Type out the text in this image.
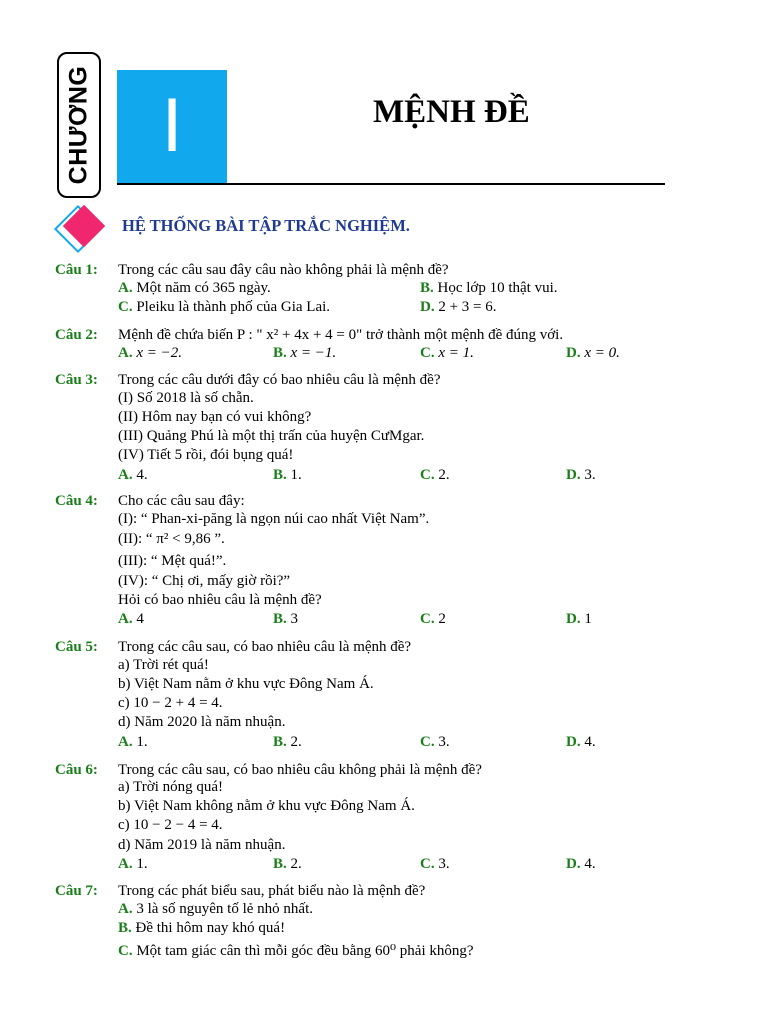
CHƯƠNG I	MỆNH ĐỀ
HỆ THỐNG BÀI TẬP TRẮC NGHIỆM.
Câu 1: Trong các câu sau đây câu nào không phải là mệnh đề?
A. Một năm có 365 ngày.	B. Học lớp 10 thật vui.
C. Pleiku là thành phố của Gia Lai.	D. 2 + 3 = 6.
Câu 2: Mệnh đề chứa biến P : " x² + 4x + 4 = 0" trở thành một mệnh đề đúng với.
A. x = −2.	B. x = −1.	C. x = 1.	D. x = 0.
Câu 3: Trong các câu dưới đây có bao nhiêu câu là mệnh đề?
(I) Số 2018 là số chẵn.
(II) Hôm nay bạn có vui không?
(III) Quảng Phú là một thị trấn của huyện CưMgar.
(IV) Tiết 5 rồi, đói bụng quá!
A. 4.	B. 1.	C. 2.	D. 3.
Câu 4: Cho các câu sau đây:
(I): “ Phan-xi-păng là ngọn núi cao nhất Việt Nam”.
(II): “ π² < 9,86 ”.
(III): “ Mệt quá!”.
(IV): “ Chị ơi, mấy giờ rồi?”
Hỏi có bao nhiêu câu là mệnh đề?
A. 4	B. 3	C. 2	D. 1
Câu 5: Trong các câu sau, có bao nhiêu câu là mệnh đề?
a) Trời rét quá!
b) Việt Nam nằm ở khu vực Đông Nam Á.
c) 10 − 2 + 4 = 4.
d) Năm 2020 là năm nhuận.
A. 1.	B. 2.	C. 3.	D. 4.
Câu 6: Trong các câu sau, có bao nhiêu câu không phải là mệnh đề?
a) Trời nóng quá!
b) Việt Nam không nằm ở khu vực Đông Nam Á.
c) 10 − 2 − 4 = 4.
d) Năm 2019 là năm nhuận.
A. 1.	B. 2.	C. 3.	D. 4.
Câu 7: Trong các phát biểu sau, phát biểu nào là mệnh đề?
A. 3 là số nguyên tố lẻ nhỏ nhất.
B. Đề thi hôm nay khó quá!
C. Một tam giác cân thì mỗi góc đều bằng 60⁰ phải không?
